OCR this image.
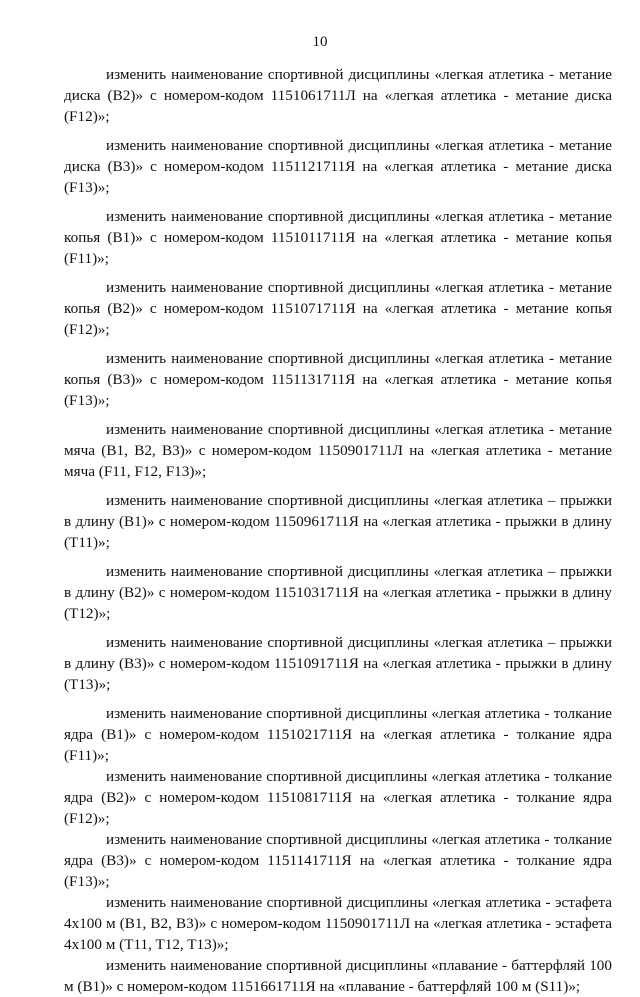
10

изменить наименование спортивной дисциплины «легкая атлетика - метание диска (B2)» с номером-кодом 1151061711Л на «легкая атлетика - метание диска (F12)»;

изменить наименование спортивной дисциплины «легкая атлетика - метание диска (B3)» с номером-кодом 1151121711Я на «легкая атлетика - метание диска (F13)»;

изменить наименование спортивной дисциплины «легкая атлетика - метание копья (B1)» с номером-кодом 1151011711Я на «легкая атлетика - метание копья (F11)»;

изменить наименование спортивной дисциплины «легкая атлетика - метание копья (B2)» с номером-кодом 1151071711Я на «легкая атлетика - метание копья (F12)»;

изменить наименование спортивной дисциплины «легкая атлетика - метание копья (B3)» с номером-кодом 1151131711Я на «легкая атлетика - метание копья (F13)»;

изменить наименование спортивной дисциплины «легкая атлетика - метание мяча (B1, B2, B3)» с номером-кодом 1150901711Л на «легкая атлетика - метание мяча (F11, F12, F13)»;

изменить наименование спортивной дисциплины «легкая атлетика – прыжки в длину (B1)» с номером-кодом 1150961711Я на «легкая атлетика - прыжки в длину (T11)»;

изменить наименование спортивной дисциплины «легкая атлетика – прыжки в длину (B2)» с номером-кодом 1151031711Я на «легкая атлетика - прыжки в длину (T12)»;

изменить наименование спортивной дисциплины «легкая атлетика – прыжки в длину (B3)» с номером-кодом 1151091711Я на «легкая атлетика - прыжки в длину (T13)»;

изменить наименование спортивной дисциплины «легкая атлетика - толкание ядра (B1)» с номером-кодом 1151021711Я на «легкая атлетика - толкание ядра (F11)»;

изменить наименование спортивной дисциплины «легкая атлетика - толкание ядра (B2)» с номером-кодом 1151081711Я на «легкая атлетика - толкание ядра (F12)»;

изменить наименование спортивной дисциплины «легкая атлетика - толкание ядра (B3)» с номером-кодом 1151141711Я на «легкая атлетика - толкание ядра (F13)»;

изменить наименование спортивной дисциплины «легкая атлетика - эстафета 4x100 м (B1, B2, B3)» с номером-кодом 1150901711Л на «легкая атлетика - эстафета 4x100 м (T11, T12, T13)»;

изменить наименование спортивной дисциплины «плавание - баттерфляй 100 м (B1)» с номером-кодом 1151661711Я на «плавание - баттерфляй 100 м (S11)»;
